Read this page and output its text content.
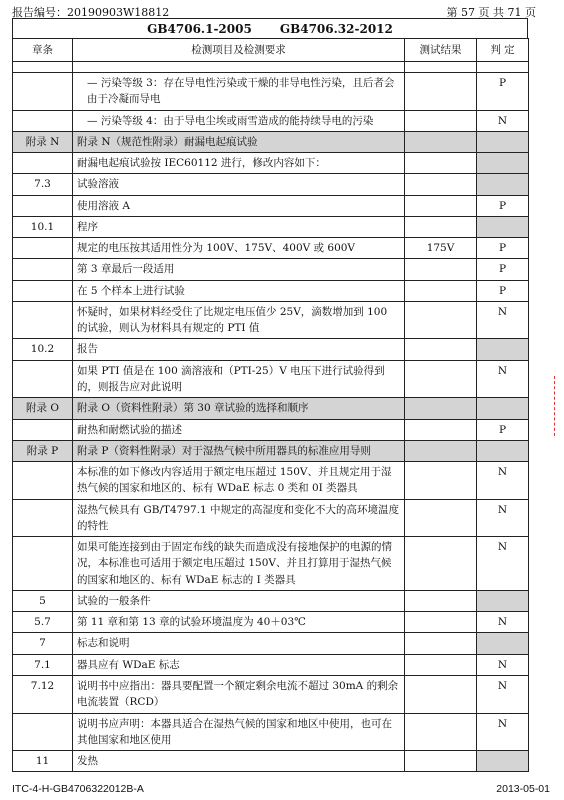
报告编号：20190903W18812	第 57 页 共 71 页
GB4706.1-2005 GB4706.32-2012
章条	检测项目及检测要求	测试结果	判 定

	— 污染等级 3：存在导电性污染或干燥的非导电性污染，且后者会由于冷凝而导电		P
	— 污染等级 4：由于导电尘埃或雨雪造成的能持续导电的污染		N
附录 N	附录 N（规范性附录）耐漏电起痕试验		
	耐漏电起痕试验按 IEC60112 进行，修改内容如下：		
7.3	试验溶液		
	使用溶液 A		P
10.1	程序		
	规定的电压按其适用性分为 100V、175V、400V 或 600V	175V	P
	第 3 章最后一段适用		P
	在 5 个样本上进行试验		P
	怀疑时，如果材料经受住了比规定电压值少 25V，滴数增加到 100 的试验，则认为材料具有规定的 PTI 值		N
10.2	报告		
	如果 PTI 值是在 100 滴溶液和（PTI-25）V 电压下进行试验得到的，则报告应对此说明		N
附录 O	附录 O（资料性附录）第 30 章试验的选择和顺序		
	耐热和耐燃试验的描述		P
附录 P	附录 P（资料性附录）对于湿热气候中所用器具的标准应用导则		
	本标准的如下修改内容适用于额定电压超过 150V、并且规定用于湿热气候的国家和地区的、标有 WDaE 标志 0 类和 0I 类器具		N
	湿热气候具有 GB/T4797.1 中规定的高湿度和变化不大的高环境温度的特性		N
	如果可能连接到由于固定布线的缺失而造成没有接地保护的电源的情况，本标准也可适用于额定电压超过 150V、并且打算用于湿热气候的国家和地区的、标有 WDaE 标志的 I 类器具		N
5	试验的一般条件		
5.7	第 11 章和第 13 章的试验环境温度为 40＋03℃		N
7	标志和说明		
7.1	器具应有 WDaE 标志		N
7.12	说明书中应指出：器具要配置一个额定剩余电流不超过 30mA 的剩余电流装置（RCD）		N
	说明书应声明：本器具适合在湿热气候的国家和地区中使用，也可在其他国家和地区使用		N
11	发热		
ITC-4-H-GB4706322012B-A	2013-05-01
